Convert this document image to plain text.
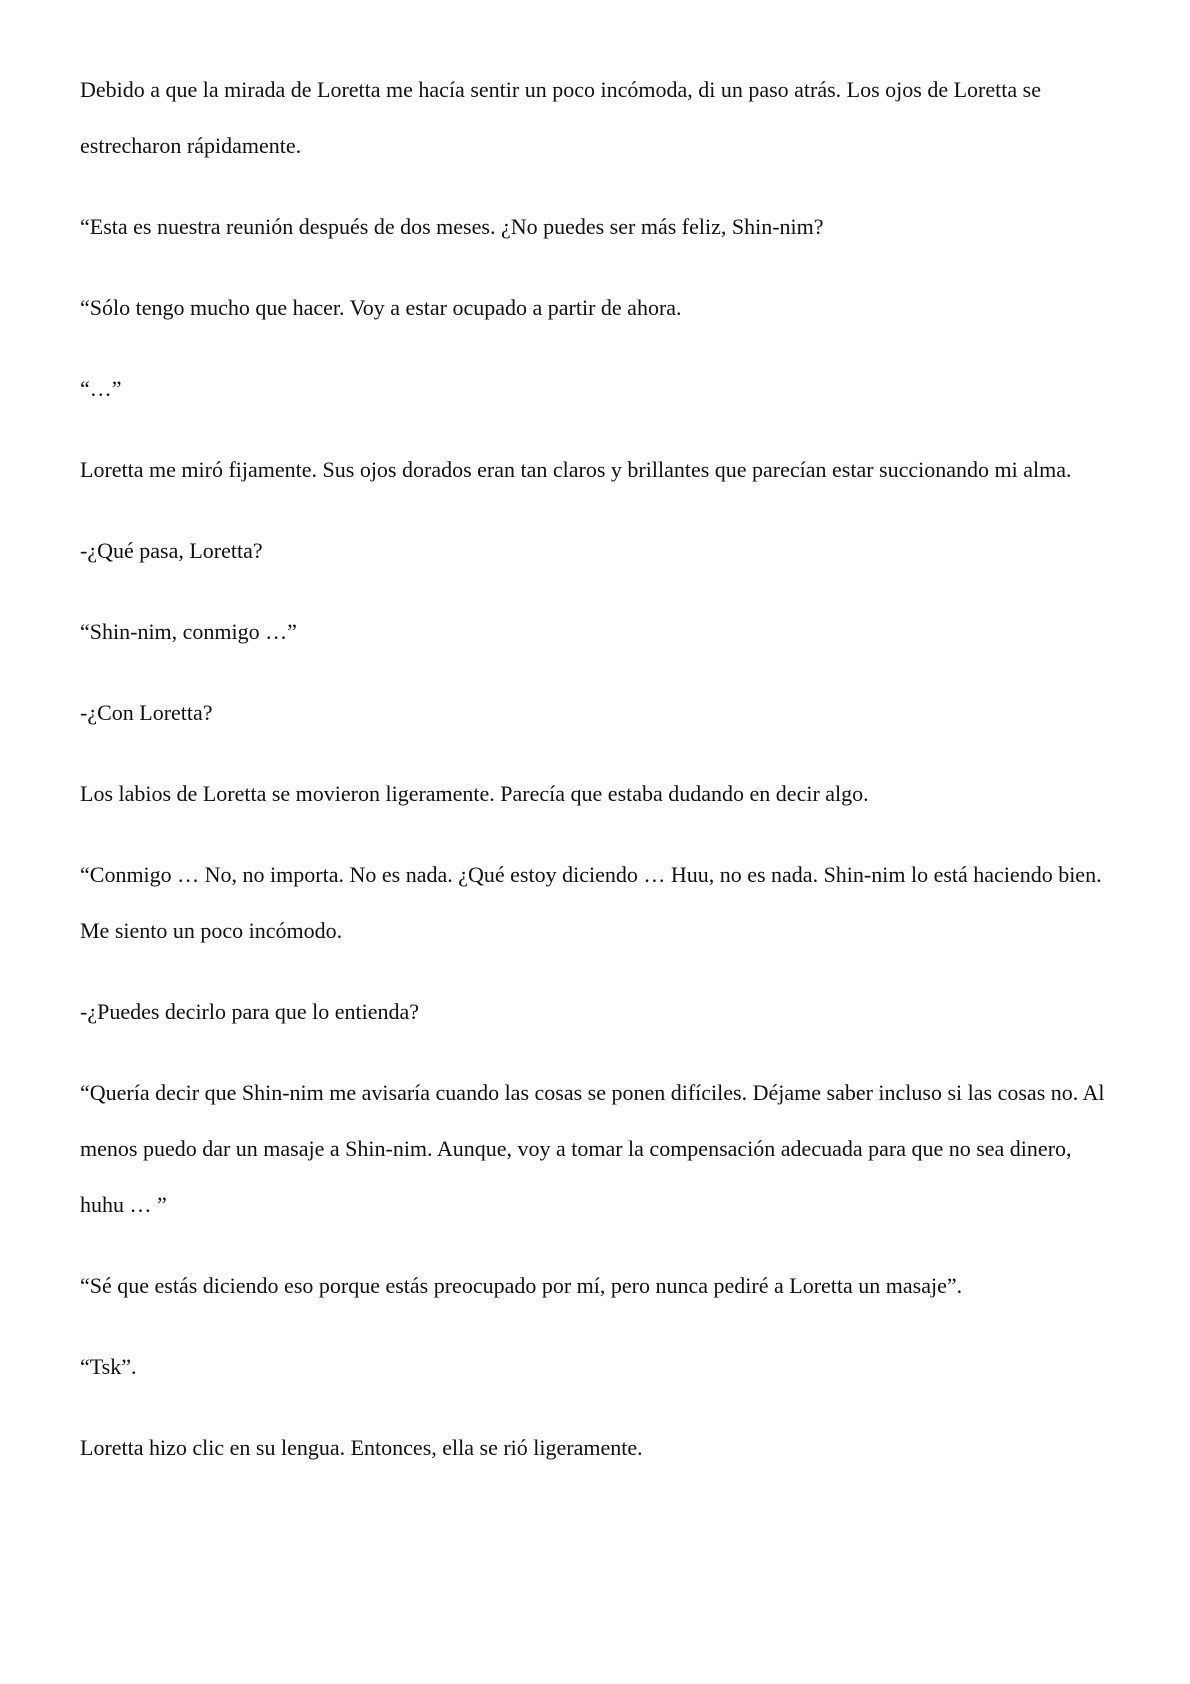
Debido a que la mirada de Loretta me hacía sentir un poco incómoda, di un paso atrás. Los ojos de Loretta se estrecharon rápidamente.

“Esta es nuestra reunión después de dos meses. ¿No puedes ser más feliz, Shin-nim?

“Sólo tengo mucho que hacer. Voy a estar ocupado a partir de ahora.

“…”

Loretta me miró fijamente. Sus ojos dorados eran tan claros y brillantes que parecían estar succionando mi alma.

-¿Qué pasa, Loretta?

“Shin-nim, conmigo …”

-¿Con Loretta?

Los labios de Loretta se movieron ligeramente. Parecía que estaba dudando en decir algo.

“Conmigo … No, no importa. No es nada. ¿Qué estoy diciendo … Huu, no es nada. Shin-nim lo está haciendo bien. Me siento un poco incómodo.

-¿Puedes decirlo para que lo entienda?

“Quería decir que Shin-nim me avisaría cuando las cosas se ponen difíciles. Déjame saber incluso si las cosas no. Al menos puedo dar un masaje a Shin-nim. Aunque, voy a tomar la compensación adecuada para que no sea dinero, huhu … ”

“Sé que estás diciendo eso porque estás preocupado por mí, pero nunca pediré a Loretta un masaje”.

“Tsk”.

Loretta hizo clic en su lengua. Entonces, ella se rió ligeramente.
